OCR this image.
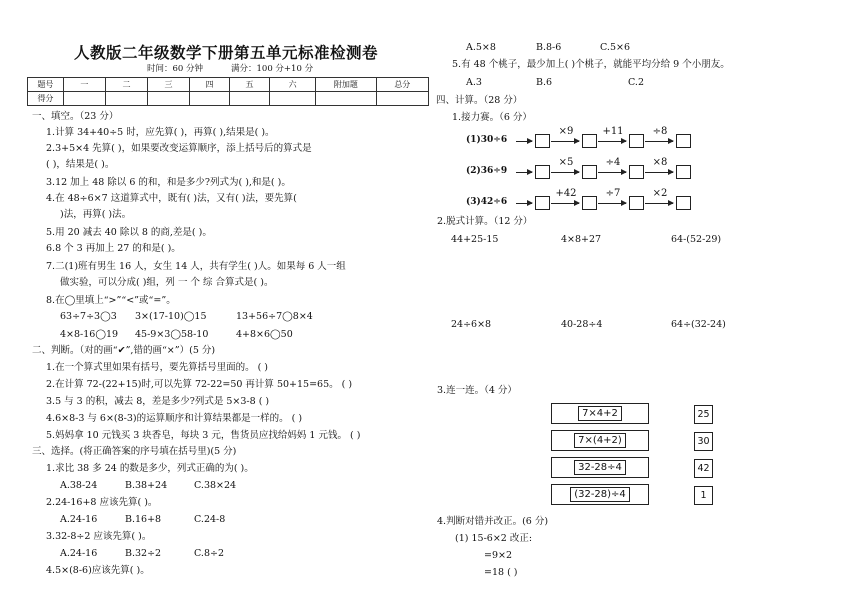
人教版二年级数学下册第五单元标准检测卷
时间：60 分钟	满分：100 分+10 分
题号	一	二	三	四	五	六	附加题	总分
得分								
一、填空。（23 分）
1.计算 34+40÷5 时，应先算( )，再算( ),结果是( )。
2.3+5×4 先算( )，如果要改变运算顺序，添上括号后的算式是
( )，结果是( )。
3.12 加上 48 除以 6 的和，和是多少?列式为( ),和是( )。
4.在 48÷6×7 这道算式中，既有( )法，又有( )法，要先算(
)法，再算( )法。
5.用 20 减去 40 除以 8 的商,差是( )。
6.8 个 3 再加上 27 的和是( )。
7.二(1)班有男生 16 人，女生 14 人，共有学生( )人。如果每 6 人一组
做实验，可以分成( )组，列 一 个 综 合算式是( )。
8.在◯里填上“>”“<”或“=”。
63÷7÷3◯3 3×(17-10)◯15	13+56÷7◯8×4
4×8-16◯19 45-9×3◯58-10	4+8×6◯50
二、判断。（对的画“✔”,错的画“×”）(5 分)
1.在一个算式里如果有括号，要先算括号里面的。 ( )
2.在计算 72-(22+15)时,可以先算 72-22=50 再计算 50+15=65。 ( )
3.5 与 3 的积，减去 8，差是多少?列式是 5×3-8 ( )
4.6×8-3 与 6×(8-3)的运算顺序和计算结果都是一样的。 ( )
5.妈妈拿 10 元钱买 3 块香皂，每块 3 元，售货员应找给妈妈 1 元钱。 ( )
三、选择。(将正确答案的序号填在括号里)(5 分)
1.求比 38 多 24 的数是多少，列式正确的为( )。
A.38-24	B.38+24	C.38×24
2.24-16+8 应该先算( )。
A.24-16	B.16+8	C.24-8
3.32-8÷2 应该先算( )。
A.24-16	B.32÷2	C.8÷2
4.5×(8-6)应该先算( )。
A.5×8	B.8-6	C.5×6
5.有 48 个桃子，最少加上( )个桃子，就能平均分给 9 个小朋友。
A.3	B.6	C.2
四、计算。（28 分）
1.接力赛。（6 分）
(1)30÷6
×9	+11	÷8
(2)36÷9
×5	÷4	×8
(3)42÷6
+42	÷7	×2
2.脱式计算。（12 分）
44+25-15	4×8+27	64-(52-29)
24÷6×8	40-28÷4	64÷(32-24)
3.连一连。（4 分）
7×4+2
7×(4+2)
32-28÷4
(32-28)÷4
25
30
42
1
4.判断对错并改正。(6 分)
(1) 15-6×2 改正:
=9×2
=18 ( )
